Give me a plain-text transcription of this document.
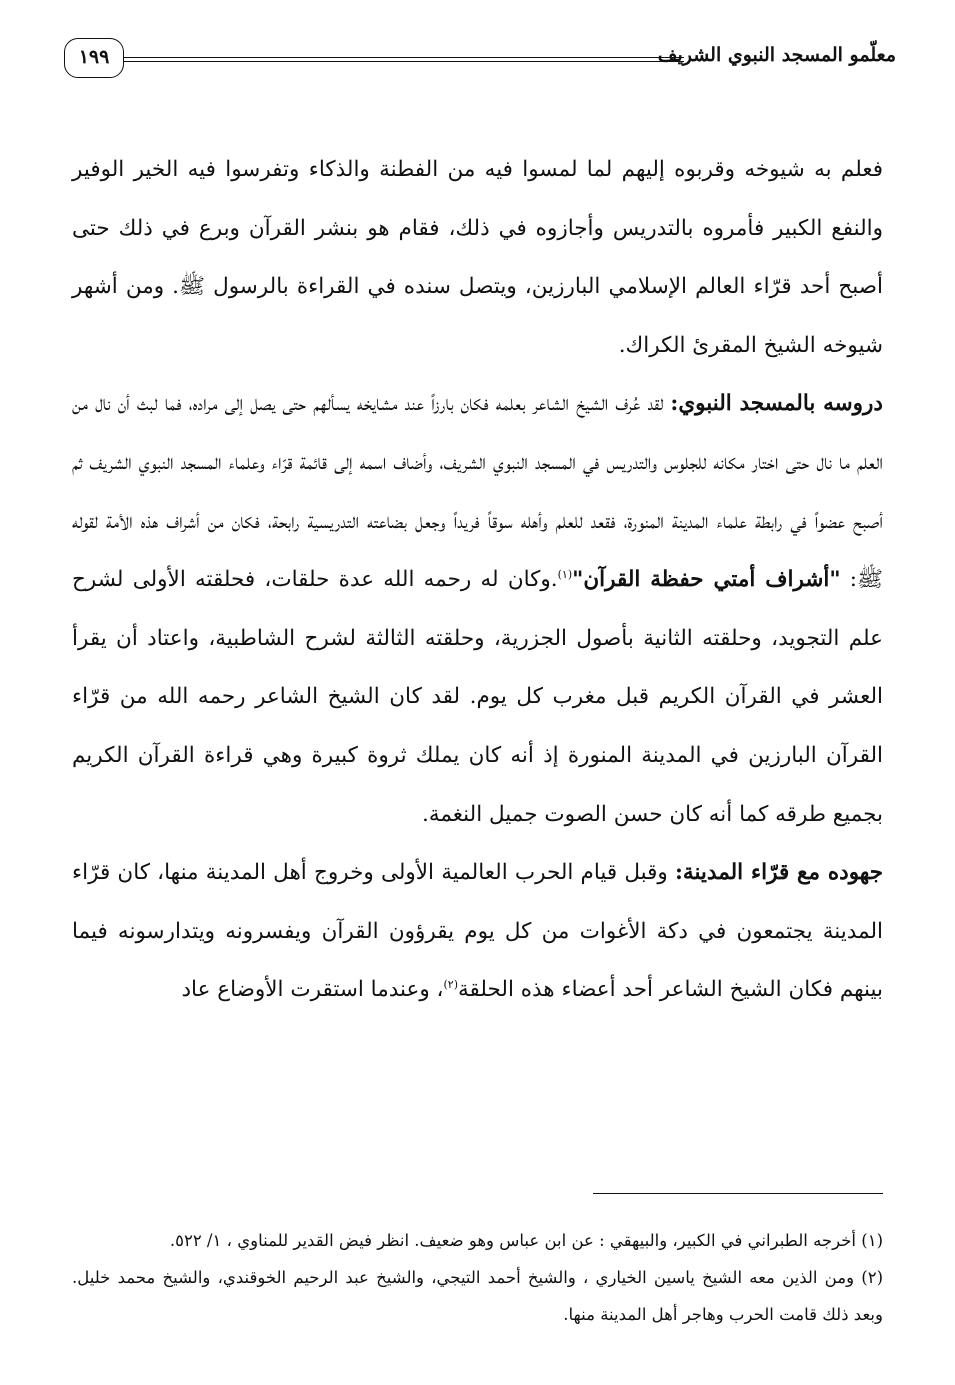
معلّمو المسجد النبوي الشريف
١٩٩

فعلم به شيوخه وقربوه إليهم لما لمسوا فيه من الفطنة والذكاء وتفرسوا فيه الخير الوفير والنفع الكبير فأمروه بالتدريس وأجازوه في ذلك، فقام هو بنشر القرآن وبرع في ذلك حتى أصبح أحد قرّاء العالم الإسلامي البارزين، ويتصل سنده في القراءة بالرسول ﷺ. ومن أشهر شيوخه الشيخ المقرئ الكراك.

دروسه بالمسجد النبوي: لقد عُرف الشيخ الشاعر بعلمه فكان بارزاً عند مشايخه يسألهم حتى يصل إلى مراده، فما لبث أن نال من العلم ما نال حتى اختار مكانه للجلوس والتدريس في المسجد النبوي الشريف، وأضاف اسمه إلى قائمة قرّاء وعلماء المسجد النبوي الشريف ثم أصبح عضواً في رابطة علماء المدينة المنورة، فقعد للعلم وأهله سوقاً فريداً وجعل بضاعته التدريسية رابحة، فكان من أشراف هذه الأمة لقوله ﷺ: "أشراف أمتي حفظة القرآن"$^{(١)}$.وكان له رحمه الله عدة حلقات، فحلقته الأولى لشرح علم التجويد، وحلقته الثانية بأصول الجزرية، وحلقته الثالثة لشرح الشاطبية، واعتاد أن يقرأ العشر في القرآن الكريم قبل مغرب كل يوم. لقد كان الشيخ الشاعر رحمه الله من قرّاء القرآن البارزين في المدينة المنورة إذ أنه كان يملك ثروة كبيرة وهي قراءة القرآن الكريم بجميع طرقه كما أنه كان حسن الصوت جميل النغمة.

جهوده مع قرّاء المدينة: وقبل قيام الحرب العالمية الأولى وخروج أهل المدينة منها، كان قرّاء المدينة يجتمعون في دكة الأغوات من كل يوم يقرؤون القرآن ويفسرونه ويتدارسونه فيما بينهم فكان الشيخ الشاعر أحد أعضاء هذه الحلقة$^{(٢)}$، وعندما استقرت الأوضاع عاد

(١) أخرجه الطبراني في الكبير، والبيهقي : عن ابن عباس وهو ضعيف. انظر فيض القدير للمناوي ، ١/ ٥٢٢.

(٢) ومن الذين معه الشيخ ياسين الخياري ، والشيخ أحمد التيجي، والشيخ عبد الرحيم الخوقندي، والشيخ محمد خليل. وبعد ذلك قامت الحرب وهاجر أهل المدينة منها.
